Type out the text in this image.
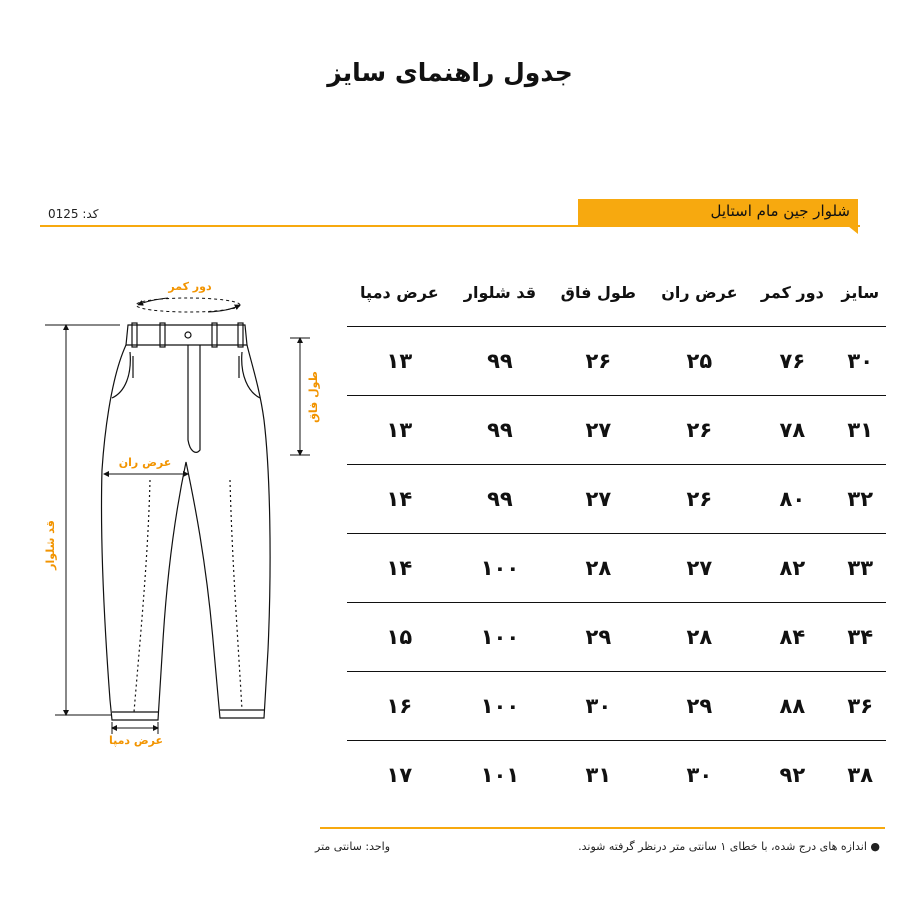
جدول راهنمای سایز
شلوار جین مام استایل
کد: 0125
سایز	دور کمر	عرض ران	طول فاق	قد شلوار	عرض دمپا
۳۰	۷۶	۲۵	۲۶	۹۹	۱۳
۳۱	۷۸	۲۶	۲۷	۹۹	۱۳
۳۲	۸۰	۲۶	۲۷	۹۹	۱۴
۳۳	۸۲	۲۷	۲۸	۱۰۰	۱۴
۳۴	۸۴	۲۸	۲۹	۱۰۰	۱۵
۳۶	۸۸	۲۹	۳۰	۱۰۰	۱۶
۳۸	۹۲	۳۰	۳۱	۱۰۱	۱۷
دور کمر
طول فاق
عرض ران
قد شلوار
عرض دمپا
● اندازه های درج شده، با خطای ۱ سانتی متر درنظر گرفته شوند.
واحد: سانتی متر
